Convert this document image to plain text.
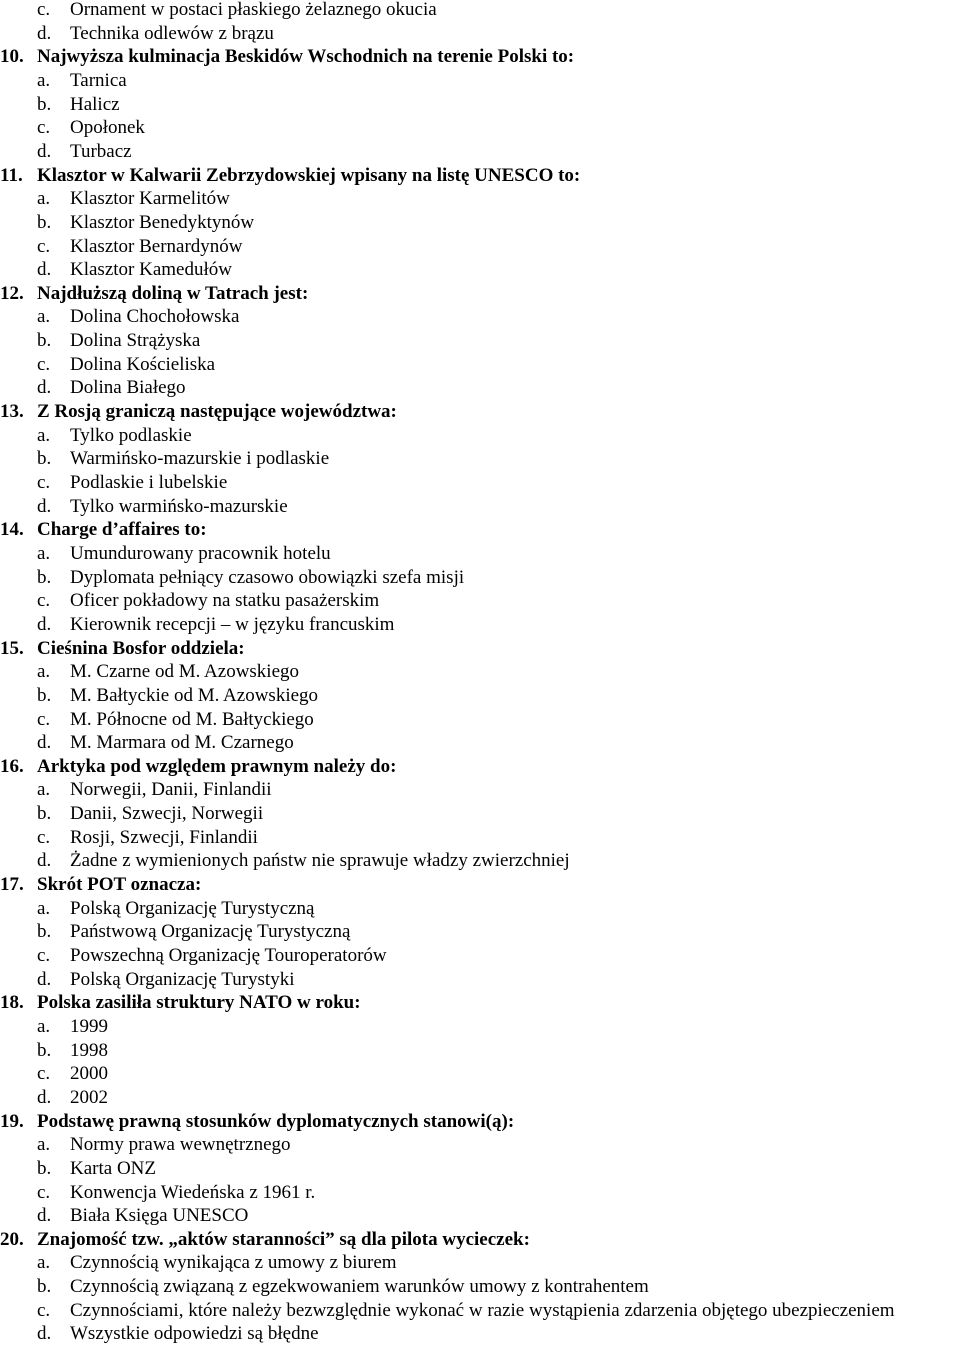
c. Ornament w postaci płaskiego żelaznego okucia
d. Technika odlewów z brązu
10. Najwyższa kulminacja Beskidów Wschodnich na terenie Polski to:
a. Tarnica
b. Halicz
c. Opołonek
d. Turbacz
11. Klasztor w Kalwarii Zebrzydowskiej wpisany na listę UNESCO to:
a. Klasztor Karmelitów
b. Klasztor Benedyktynów
c. Klasztor Bernardynów
d. Klasztor Kamedułów
12. Najdłuższą doliną w Tatrach jest:
a. Dolina Chochołowska
b. Dolina Strążyska
c. Dolina Kościeliska
d. Dolina Białego
13. Z Rosją graniczą następujące województwa:
a. Tylko podlaskie
b. Warmińsko-mazurskie i podlaskie
c. Podlaskie i lubelskie
d. Tylko warmińsko-mazurskie
14. Charge d’affaires to:
a. Umundurowany pracownik hotelu
b. Dyplomata pełniący czasowo obowiązki szefa misji
c. Oficer pokładowy na statku pasażerskim
d. Kierownik recepcji – w języku francuskim
15. Cieśnina Bosfor oddziela:
a. M. Czarne od M. Azowskiego
b. M. Bałtyckie od M. Azowskiego
c. M. Północne od M. Bałtyckiego
d. M. Marmara od M. Czarnego
16. Arktyka pod względem prawnym należy do:
a. Norwegii, Danii, Finlandii
b. Danii, Szwecji, Norwegii
c. Rosji, Szwecji, Finlandii
d. Żadne z wymienionych państw nie sprawuje władzy zwierzchniej
17. Skrót POT oznacza:
a. Polską Organizację Turystyczną
b. Państwową Organizację Turystyczną
c. Powszechną Organizację Touroperatorów
d. Polską Organizację Turystyki
18. Polska zasiliła struktury NATO w roku:
a. 1999
b. 1998
c. 2000
d. 2002
19. Podstawę prawną stosunków dyplomatycznych stanowi(ą):
a. Normy prawa wewnętrznego
b. Karta ONZ
c. Konwencja Wiedeńska z 1961 r.
d. Biała Księga UNESCO
20. Znajomość tzw. „aktów staranności” są dla pilota wycieczek:
a. Czynnością wynikająca z umowy z biurem
b. Czynnością związaną z egzekwowaniem warunków umowy z kontrahentem
c. Czynnościami, które należy bezwzględnie wykonać w razie wystąpienia zdarzenia objętego ubezpieczeniem
d. Wszystkie odpowiedzi są błędne
